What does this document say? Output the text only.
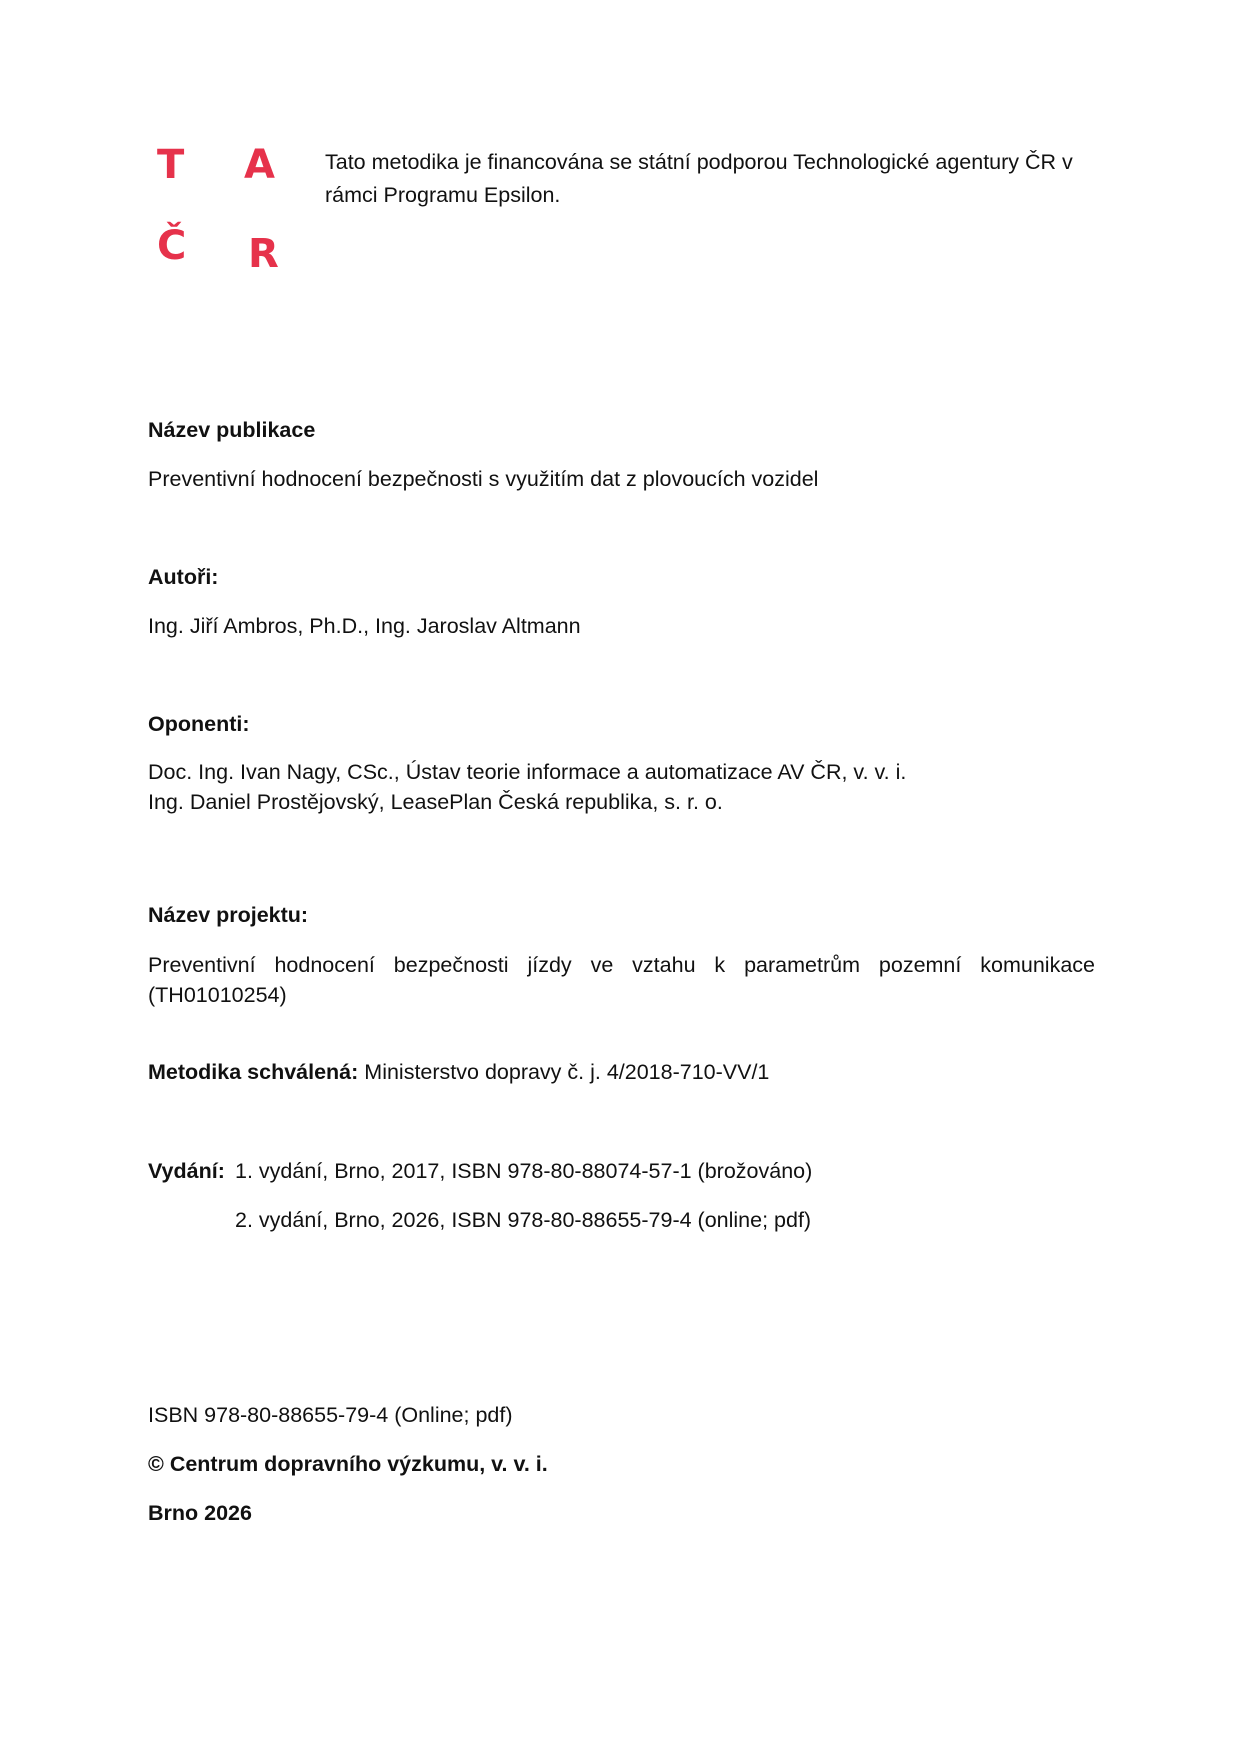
T A
Č R
Tato metodika je financována se státní podporou Technologické agentury ČR v rámci Programu Epsilon.
Název publikace
Preventivní hodnocení bezpečnosti s využitím dat z plovoucích vozidel
Autoři:
Ing. Jiří Ambros, Ph.D., Ing. Jaroslav Altmann
Oponenti:
Doc. Ing. Ivan Nagy, CSc., Ústav teorie informace a automatizace AV ČR, v. v. i.
Ing. Daniel Prostějovský, LeasePlan Česká republika, s. r. o.
Název projektu:
Preventivní hodnocení bezpečnosti jízdy ve vztahu k parametrům pozemní komunikace (TH01010254)
Metodika schválená: Ministerstvo dopravy č. j. 4/2018-710-VV/1
Vydání: 1. vydání, Brno, 2017, ISBN 978-80-88074-57-1 (brožováno)
2. vydání, Brno, 2026, ISBN 978-80-88655-79-4 (online; pdf)
ISBN 978-80-88655-79-4 (Online; pdf)
© Centrum dopravního výzkumu, v. v. i.
Brno 2026
